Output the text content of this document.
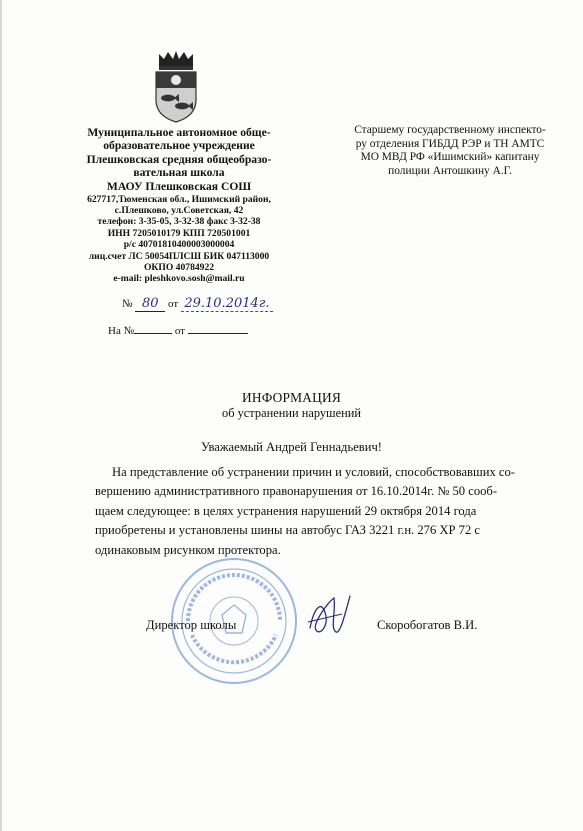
Муниципальное автономное обще-
образовательное учреждение
Плешковская средняя общеобразо-
вательная школа
МАОУ Плешковская СОШ
627717,Тюменская обл., Ишимский район,
с.Плешково, ул.Советская, 42
телефон: 3-35-05, 3-32-38 факс 3-32-38
ИНН 7205010179 КПП 720501001
р/с 40701810400003000004
лиц.счет ЛС 50054ПЛСШ БИК 047113000
ОКПО 40784922
e-mail: pleshkovo.sosh@mail.ru
Старшему государственному инспекто-
ру отделения ГИБДД РЭР и ТН АМТС
МО МВД РФ «Ишимский» капитану
полиции Антошкину А.Г.
№ 80 от 29.10.2014г.
На №	от
ИНФОРМАЦИЯ
об устранении нарушений
Уважаемый Андрей Геннадьевич!
На представление об устранении причин и условий, способствовавших со-
вершению административного правонарушения от 16.10.2014г. № 50 сооб-
щаем следующее: в целях устранения нарушений 29 октября 2014 года
приобретены и установлены шины на автобус ГАЗ 3221 г.н. 276 ХР 72 с
одинаковым рисунком протектора.
Директор школы	Скоробогатов В.И.
